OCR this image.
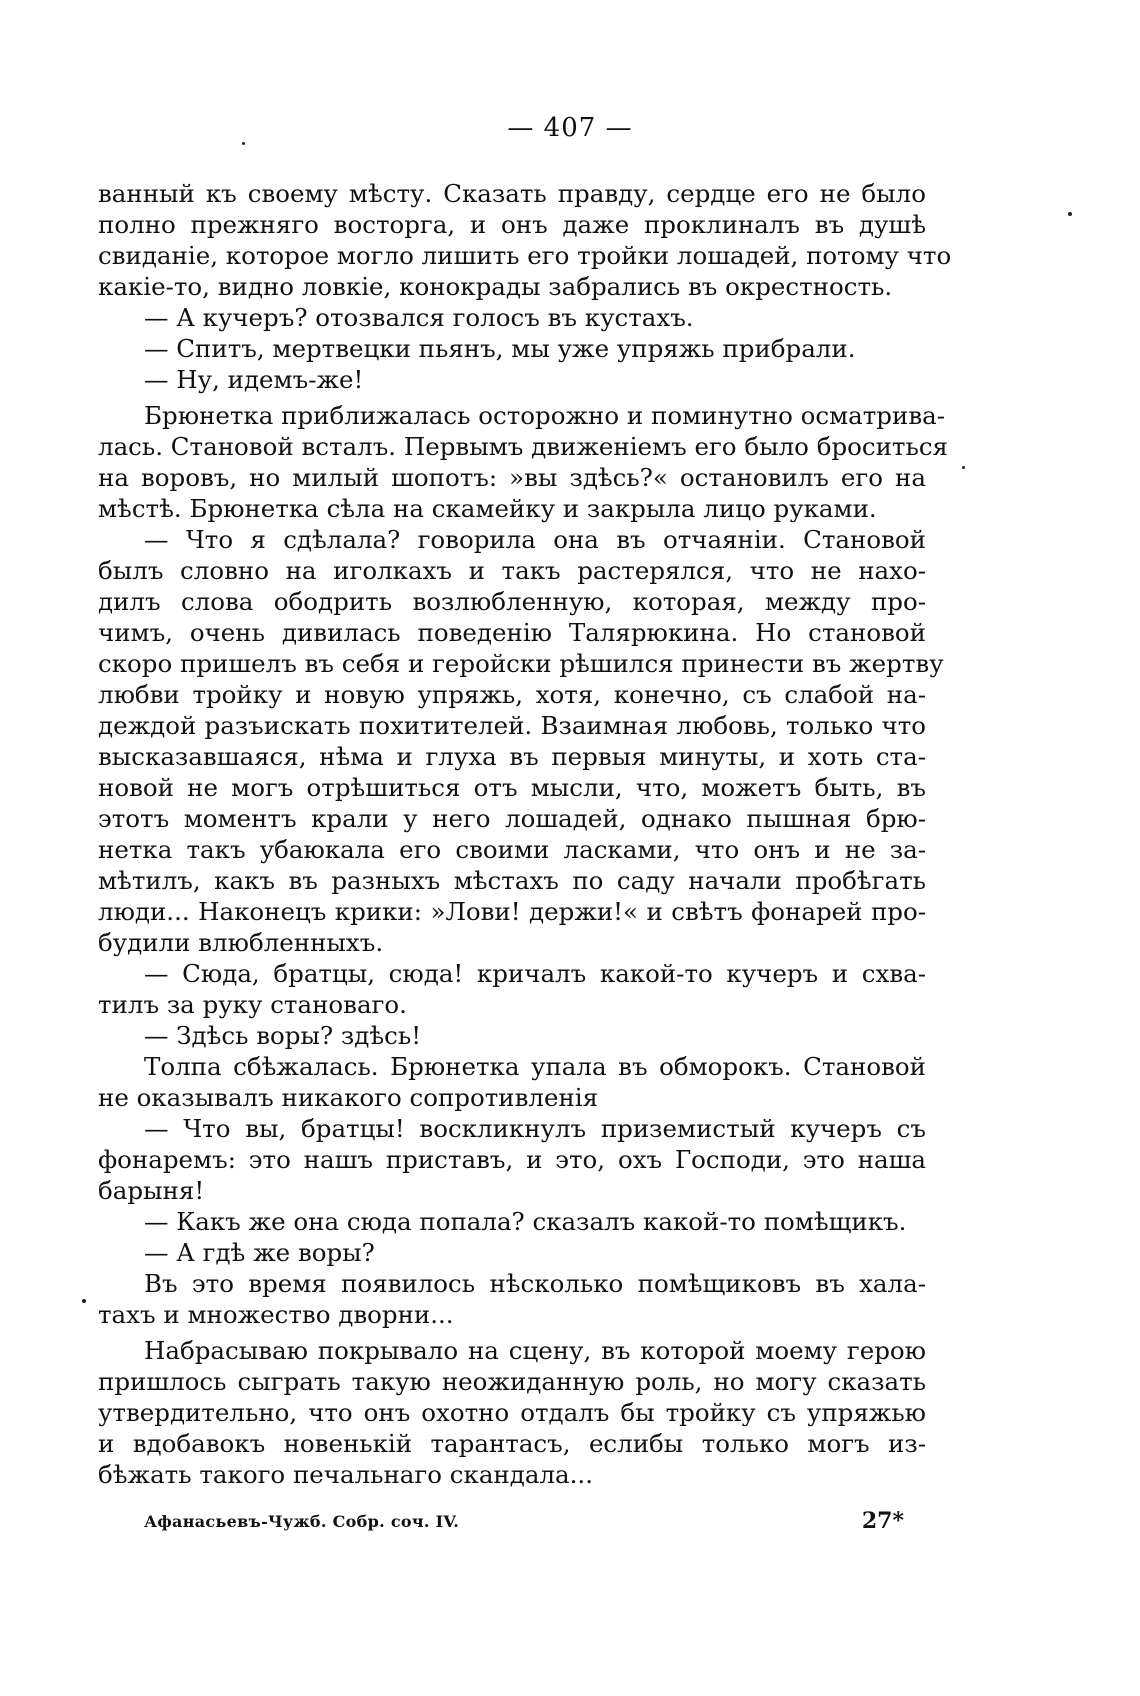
— 407 —
ванный къ своему мѣсту. Сказать правду, сердце его не было
полно прежняго восторга, и онъ даже проклиналъ въ душѣ
свиданіе, которое могло лишить его тройки лошадей, потому что
какіе-то, видно ловкіе, конокрады забрались въ окрестность.
— А кучеръ? отозвался голосъ въ кустахъ.
— Спитъ, мертвецки пьянъ, мы уже упряжь прибрали.
— Ну, идемъ-же!
Брюнетка приближалась осторожно и поминутно осматрива-
лась. Становой всталъ. Первымъ движеніемъ его было броситься
на воровъ, но милый шопотъ: »вы здѣсь?« остановилъ его на
мѣстѣ. Брюнетка сѣла на скамейку и закрыла лицо руками.
— Что я сдѣлала? говорила она въ отчаяніи. Становой
былъ словно на иголкахъ и такъ растерялся, что не нахо-
дилъ слова ободрить возлюбленную, которая, между про-
чимъ, очень дивилась поведенію Талярюкина. Но становой
скоро пришелъ въ себя и геройски рѣшился принести въ жертву
любви тройку и новую упряжь, хотя, конечно, съ слабой на-
деждой разъискать похитителей. Взаимная любовь, только что
высказавшаяся, нѣма и глуха въ первыя минуты, и хоть ста-
новой не могъ отрѣшиться отъ мысли, что, можетъ быть, въ
этотъ моментъ крали у него лошадей, однако пышная брю-
нетка такъ убаюкала его своими ласками, что онъ и не за-
мѣтилъ, какъ въ разныхъ мѣстахъ по саду начали пробѣгать
люди... Наконецъ крики: »Лови! держи!« и свѣтъ фонарей про-
будили влюбленныхъ.
— Сюда, братцы, сюда! кричалъ какой-то кучеръ и схва-
тилъ за руку становаго.
— Здѣсь воры? здѣсь!
Толпа сбѣжалась. Брюнетка упала въ обморокъ. Становой
не оказывалъ никакого сопротивленія
— Что вы, братцы! воскликнулъ приземистый кучеръ съ
фонаремъ: это нашъ приставъ, и это, охъ Господи, это наша
барыня!
— Какъ же она сюда попала? сказалъ какой-то помѣщикъ.
— А гдѣ же воры?
Въ это время появилось нѣсколько помѣщиковъ въ хала-
тахъ и множество дворни...
Набрасываю покрывало на сцену, въ которой моему герою
пришлось сыграть такую неожиданную роль, но могу сказать
утвердительно, что онъ охотно отдалъ бы тройку съ упряжью
и вдобавокъ новенькій тарантасъ, еслибы только могъ из-
бѣжать такого печальнаго скандала...
Афанасьевъ-Чужб. Собр. соч. IV.	27*
